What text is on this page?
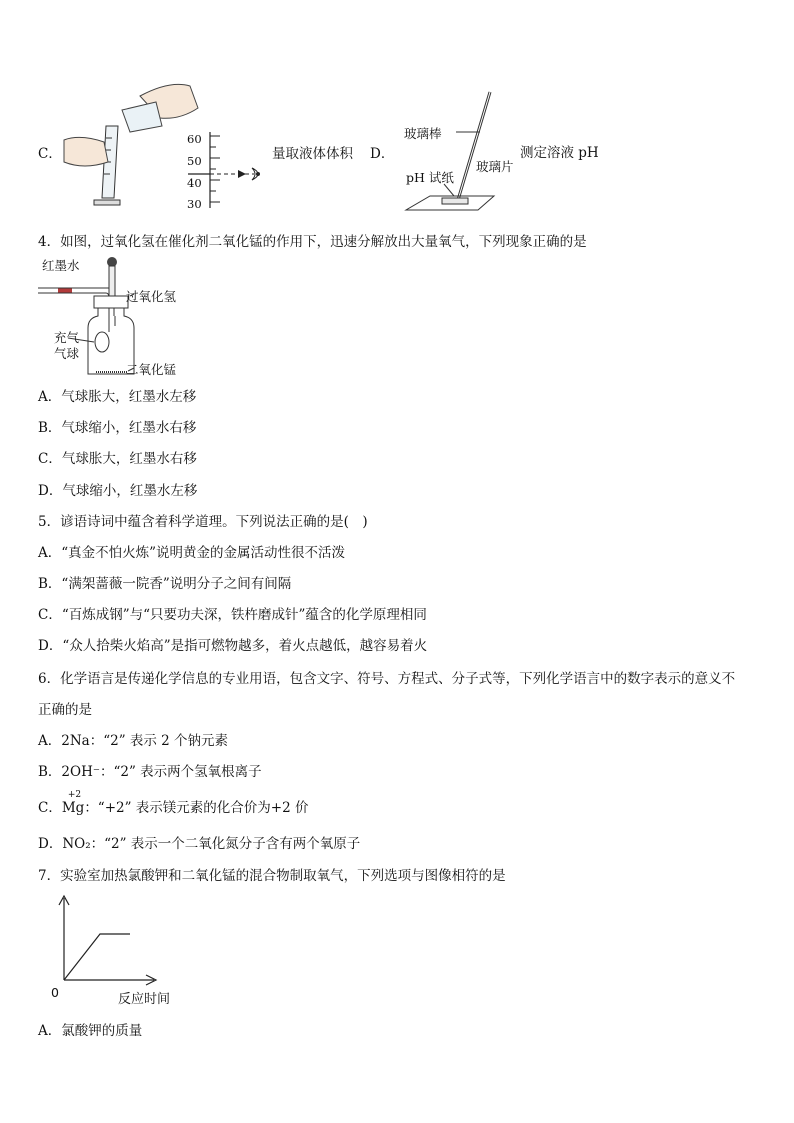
C．
60
50
40
30
量取液体体积 D．
玻璃棒
测定溶液 pH
玻璃片
pH 试纸
4．如图，过氧化氢在催化剂二氧化锰的作用下，迅速分解放出大量氧气，下列现象正确的是
红墨水
过氧化氢
充气
气球
二氧化锰
A．气球胀大，红墨水左移
B．气球缩小，红墨水右移
C．气球胀大，红墨水右移
D．气球缩小，红墨水左移
5．谚语诗词中蕴含着科学道理。下列说法正确的是(　)
A．“真金不怕火炼”说明黄金的金属活动性很不活泼
B．“满架蔷薇一院香”说明分子之间有间隔
C．“百炼成钢”与“只要功夫深，铁杵磨成针”蕴含的化学原理相同
D．“众人拾柴火焰高”是指可燃物越多，着火点越低，越容易着火
6．化学语言是传递化学信息的专业用语，包含文字、符号、方程式、分子式等，下列化学语言中的数字表示的意义不
正确的是
A．2Na：“2” 表示 2 个钠元素
B．2OH⁻：“2” 表示两个氢氧根离子
C．
+2
Mg：“+2” 表示镁元素的化合价为+2 价
D．NO₂：“2” 表示一个二氧化氮分子含有两个氧原子
7．实验室加热氯酸钾和二氧化锰的混合物制取氧气，下列选项与图像相符的是
0	反应时间
A．氯酸钾的质量
